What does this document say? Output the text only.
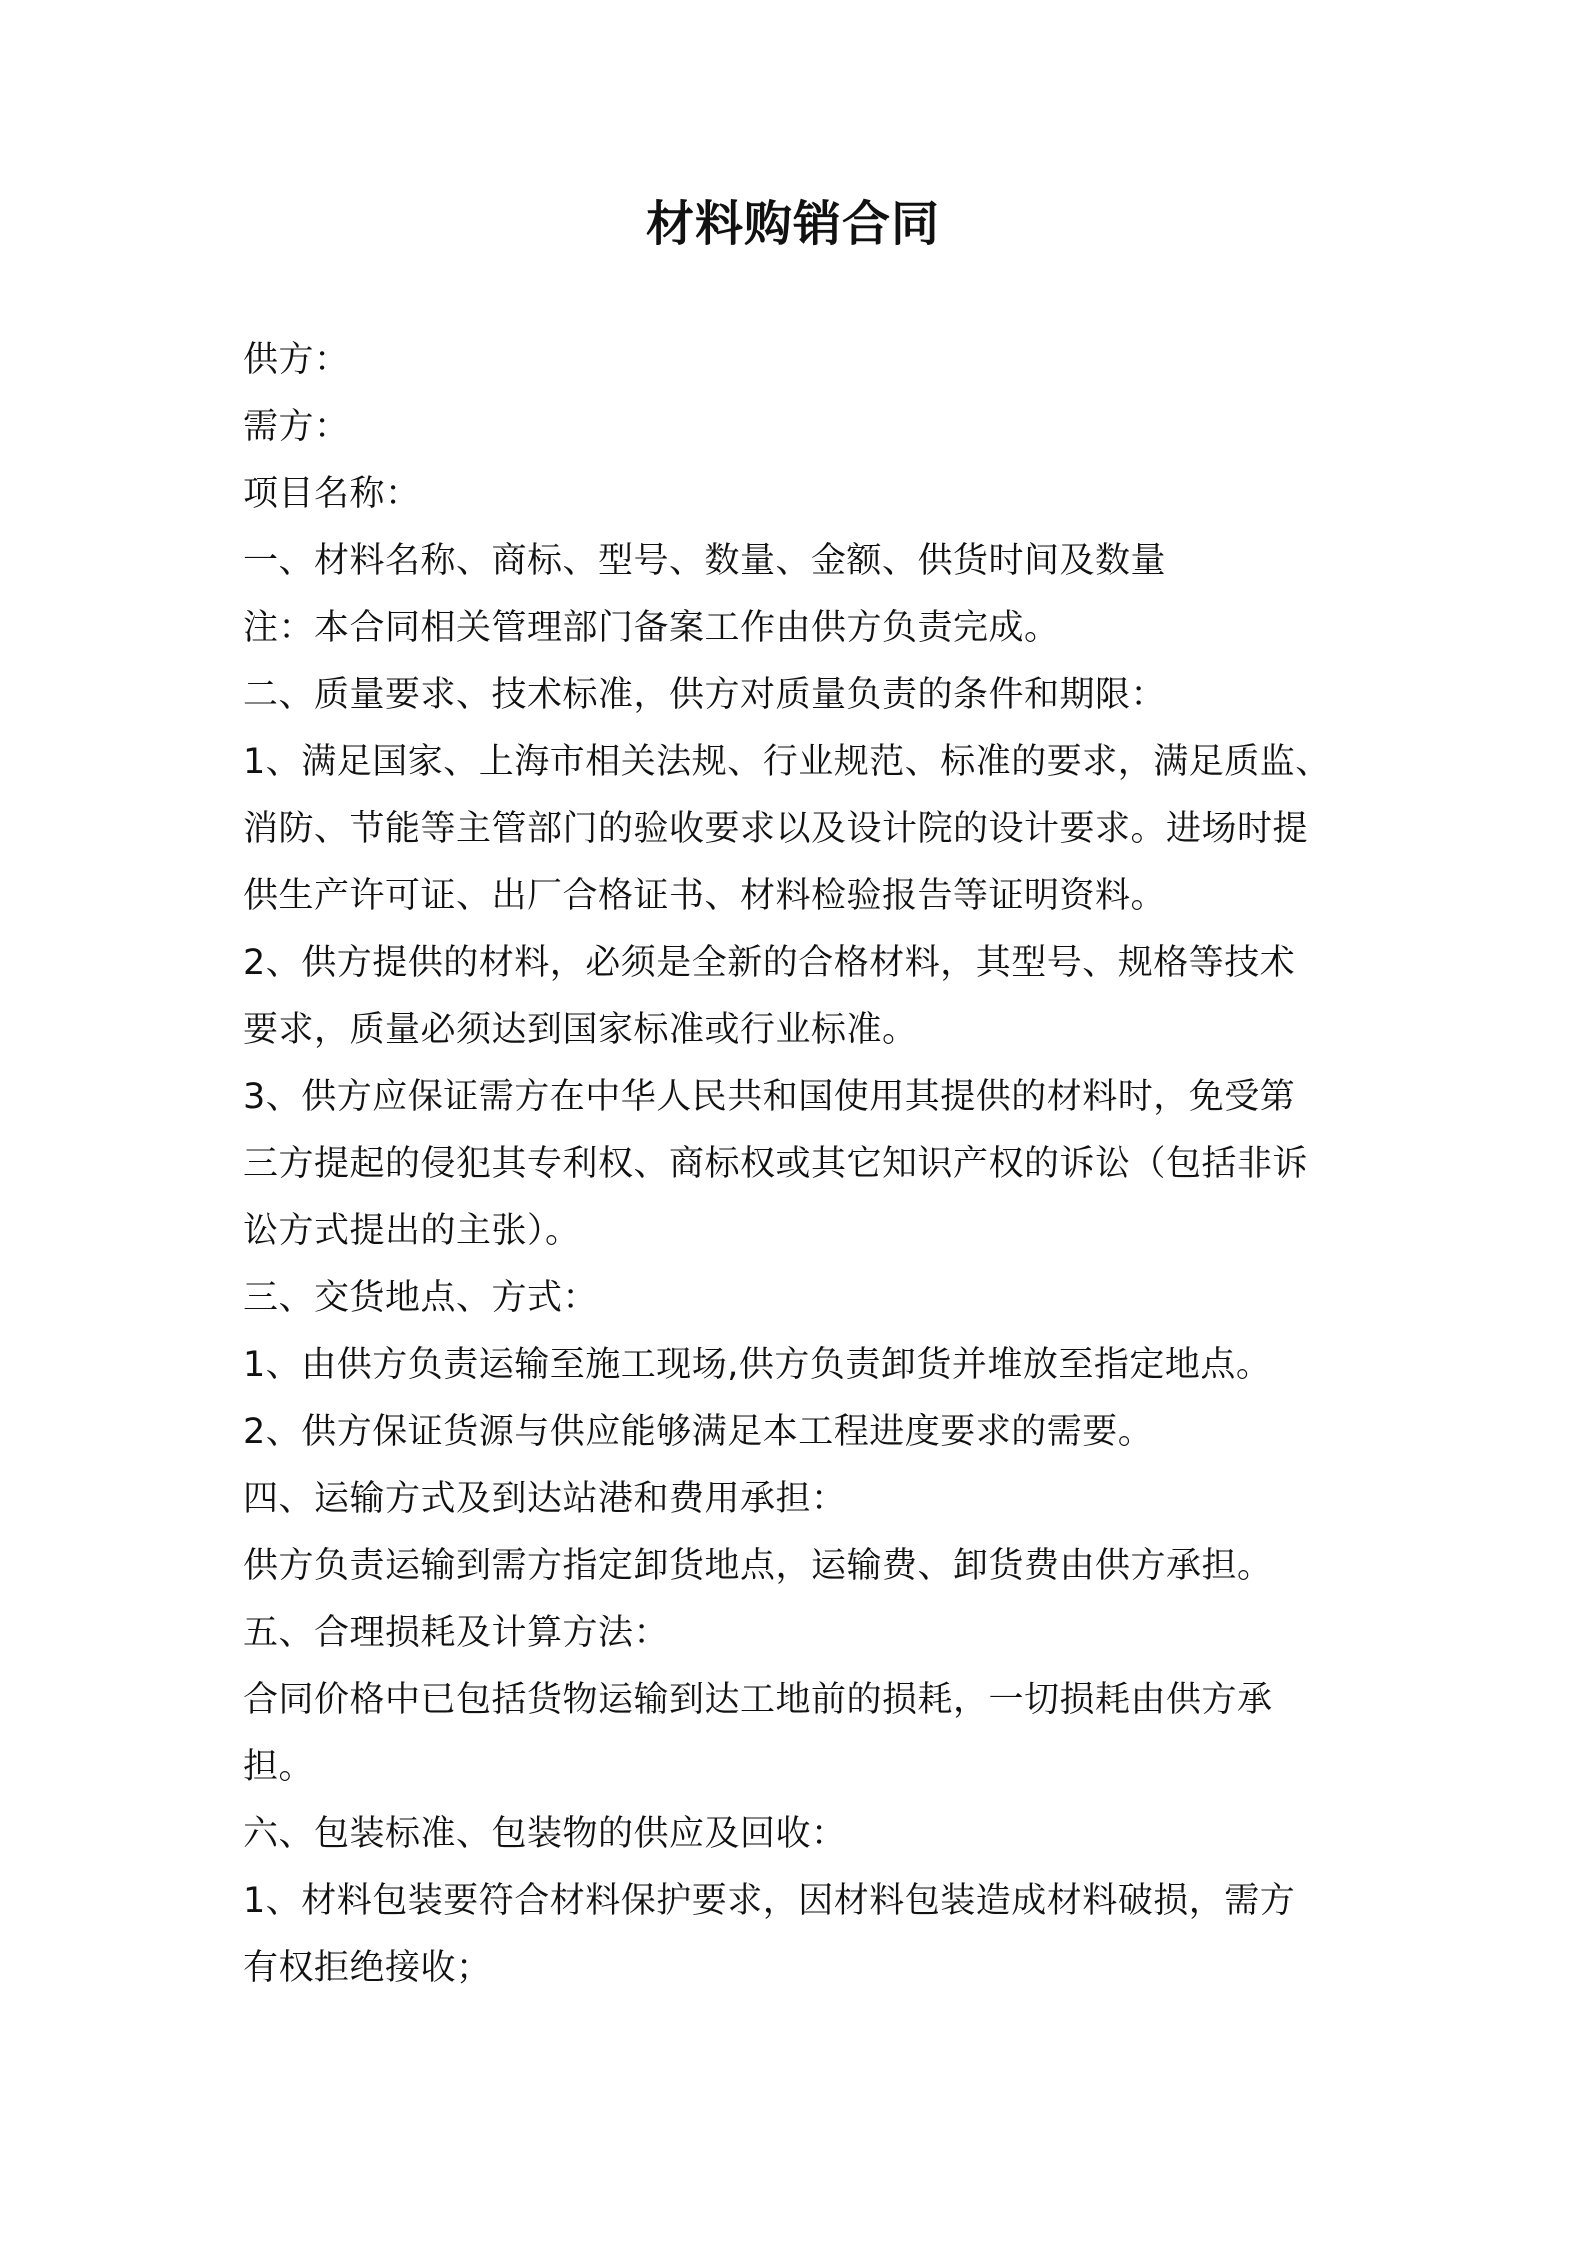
材料购销合同
供方：
需方：
项目名称：
一、材料名称、商标、型号、数量、金额、供货时间及数量
注：本合同相关管理部门备案工作由供方负责完成。
二、质量要求、技术标准，供方对质量负责的条件和期限：
1、满足国家、上海市相关法规、行业规范、标准的要求，满足质监、
消防、节能等主管部门的验收要求以及设计院的设计要求。进场时提
供生产许可证、出厂合格证书、材料检验报告等证明资料。
2、供方提供的材料，必须是全新的合格材料，其型号、规格等技术
要求，质量必须达到国家标准或行业标准。
3、供方应保证需方在中华人民共和国使用其提供的材料时，免受第
三方提起的侵犯其专利权、商标权或其它知识产权的诉讼（包括非诉
讼方式提出的主张）。
三、交货地点、方式：
1、由供方负责运输至施工现场,供方负责卸货并堆放至指定地点。
2、供方保证货源与供应能够满足本工程进度要求的需要。
四、运输方式及到达站港和费用承担：
供方负责运输到需方指定卸货地点，运输费、卸货费由供方承担。
五、合理损耗及计算方法：
合同价格中已包括货物运输到达工地前的损耗，一切损耗由供方承
担。
六、包装标准、包装物的供应及回收：
1、材料包装要符合材料保护要求，因材料包装造成材料破损，需方
有权拒绝接收；
